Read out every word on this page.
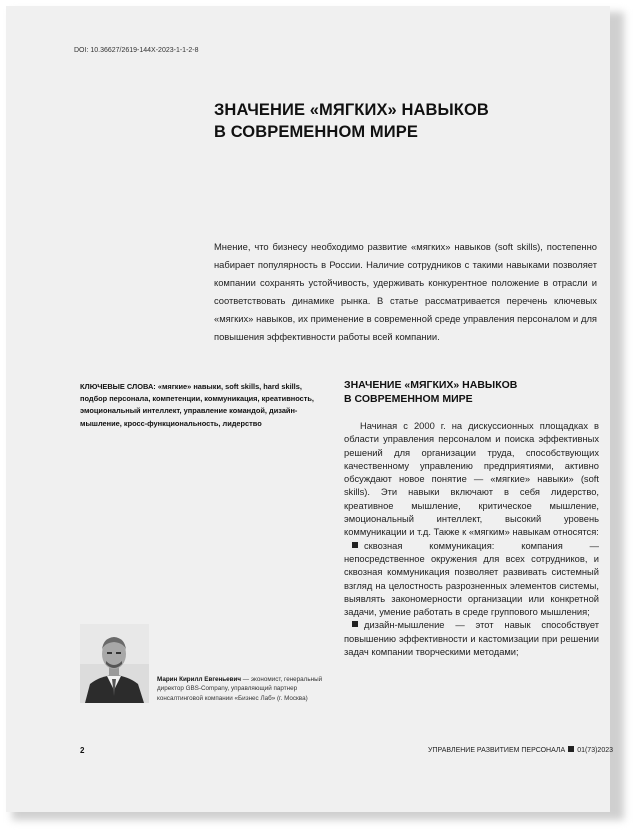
DOI: 10.36627/2619-144X-2023-1-1-2-8
ЗНАЧЕНИЕ «МЯГКИХ» НАВЫКОВ
В СОВРЕМЕННОМ МИРЕ
Мнение, что бизнесу необходимо развитие «мягких» навыков (soft skills), постепенно набирает популярность в России. Наличие сотрудников с такими навыками позволяет компании сохранять устойчивость, удерживать конкурентное положение в отрасли и соответствовать динамике рынка. В статье рассматривается перечень ключевых «мягких» навыков, их применение в современной среде управления персоналом и для повышения эффективности работы всей компании.
КЛЮЧЕВЫЕ СЛОВА: «мягкие» навыки, soft skills, hard skills, подбор персонала, компетенции, коммуникация, креативность, эмоциональный интеллект, управление командой, дизайн-мышление, кросс-функциональность, лидерство
ЗНАЧЕНИЕ «МЯГКИХ» НАВЫКОВ
В СОВРЕМЕННОМ МИРЕ

Начиная с 2000 г. на дискуссионных площадках в области управления персоналом и поиска эффективных решений для организации труда, способствующих качественному управлению предприятиями, активно обсуждают новое понятие — «мягкие» навыки» (soft skills). Эти навыки включают в себя лидерство, креативное мышление, критическое мышление, эмоциональный интеллект, высокий уровень коммуникации и т.д. Также к «мягким» навыкам относятся:

сквозная коммуникация: компания — непосредственное окружения для всех сотрудников, и сквозная коммуникация позволяет развивать системный взгляд на целостность разрозненных элементов системы, выявлять закономерности организации или конкретной задачи, умение работать в среде группового мышления;

дизайн-мышление — этот навык способствует повышению эффективности и кастомизации при решении задач компании творческими методами;

Марин Кирилл Евгеньевич — экономист, генеральный директор GBS-Company, управляющий партнер консалтинговой компании «Бизнес Лаб» (г. Москва)
2	УПРАВЛЕНИЕ РАЗВИТИЕМ ПЕРСОНАЛА 01(73)2023
